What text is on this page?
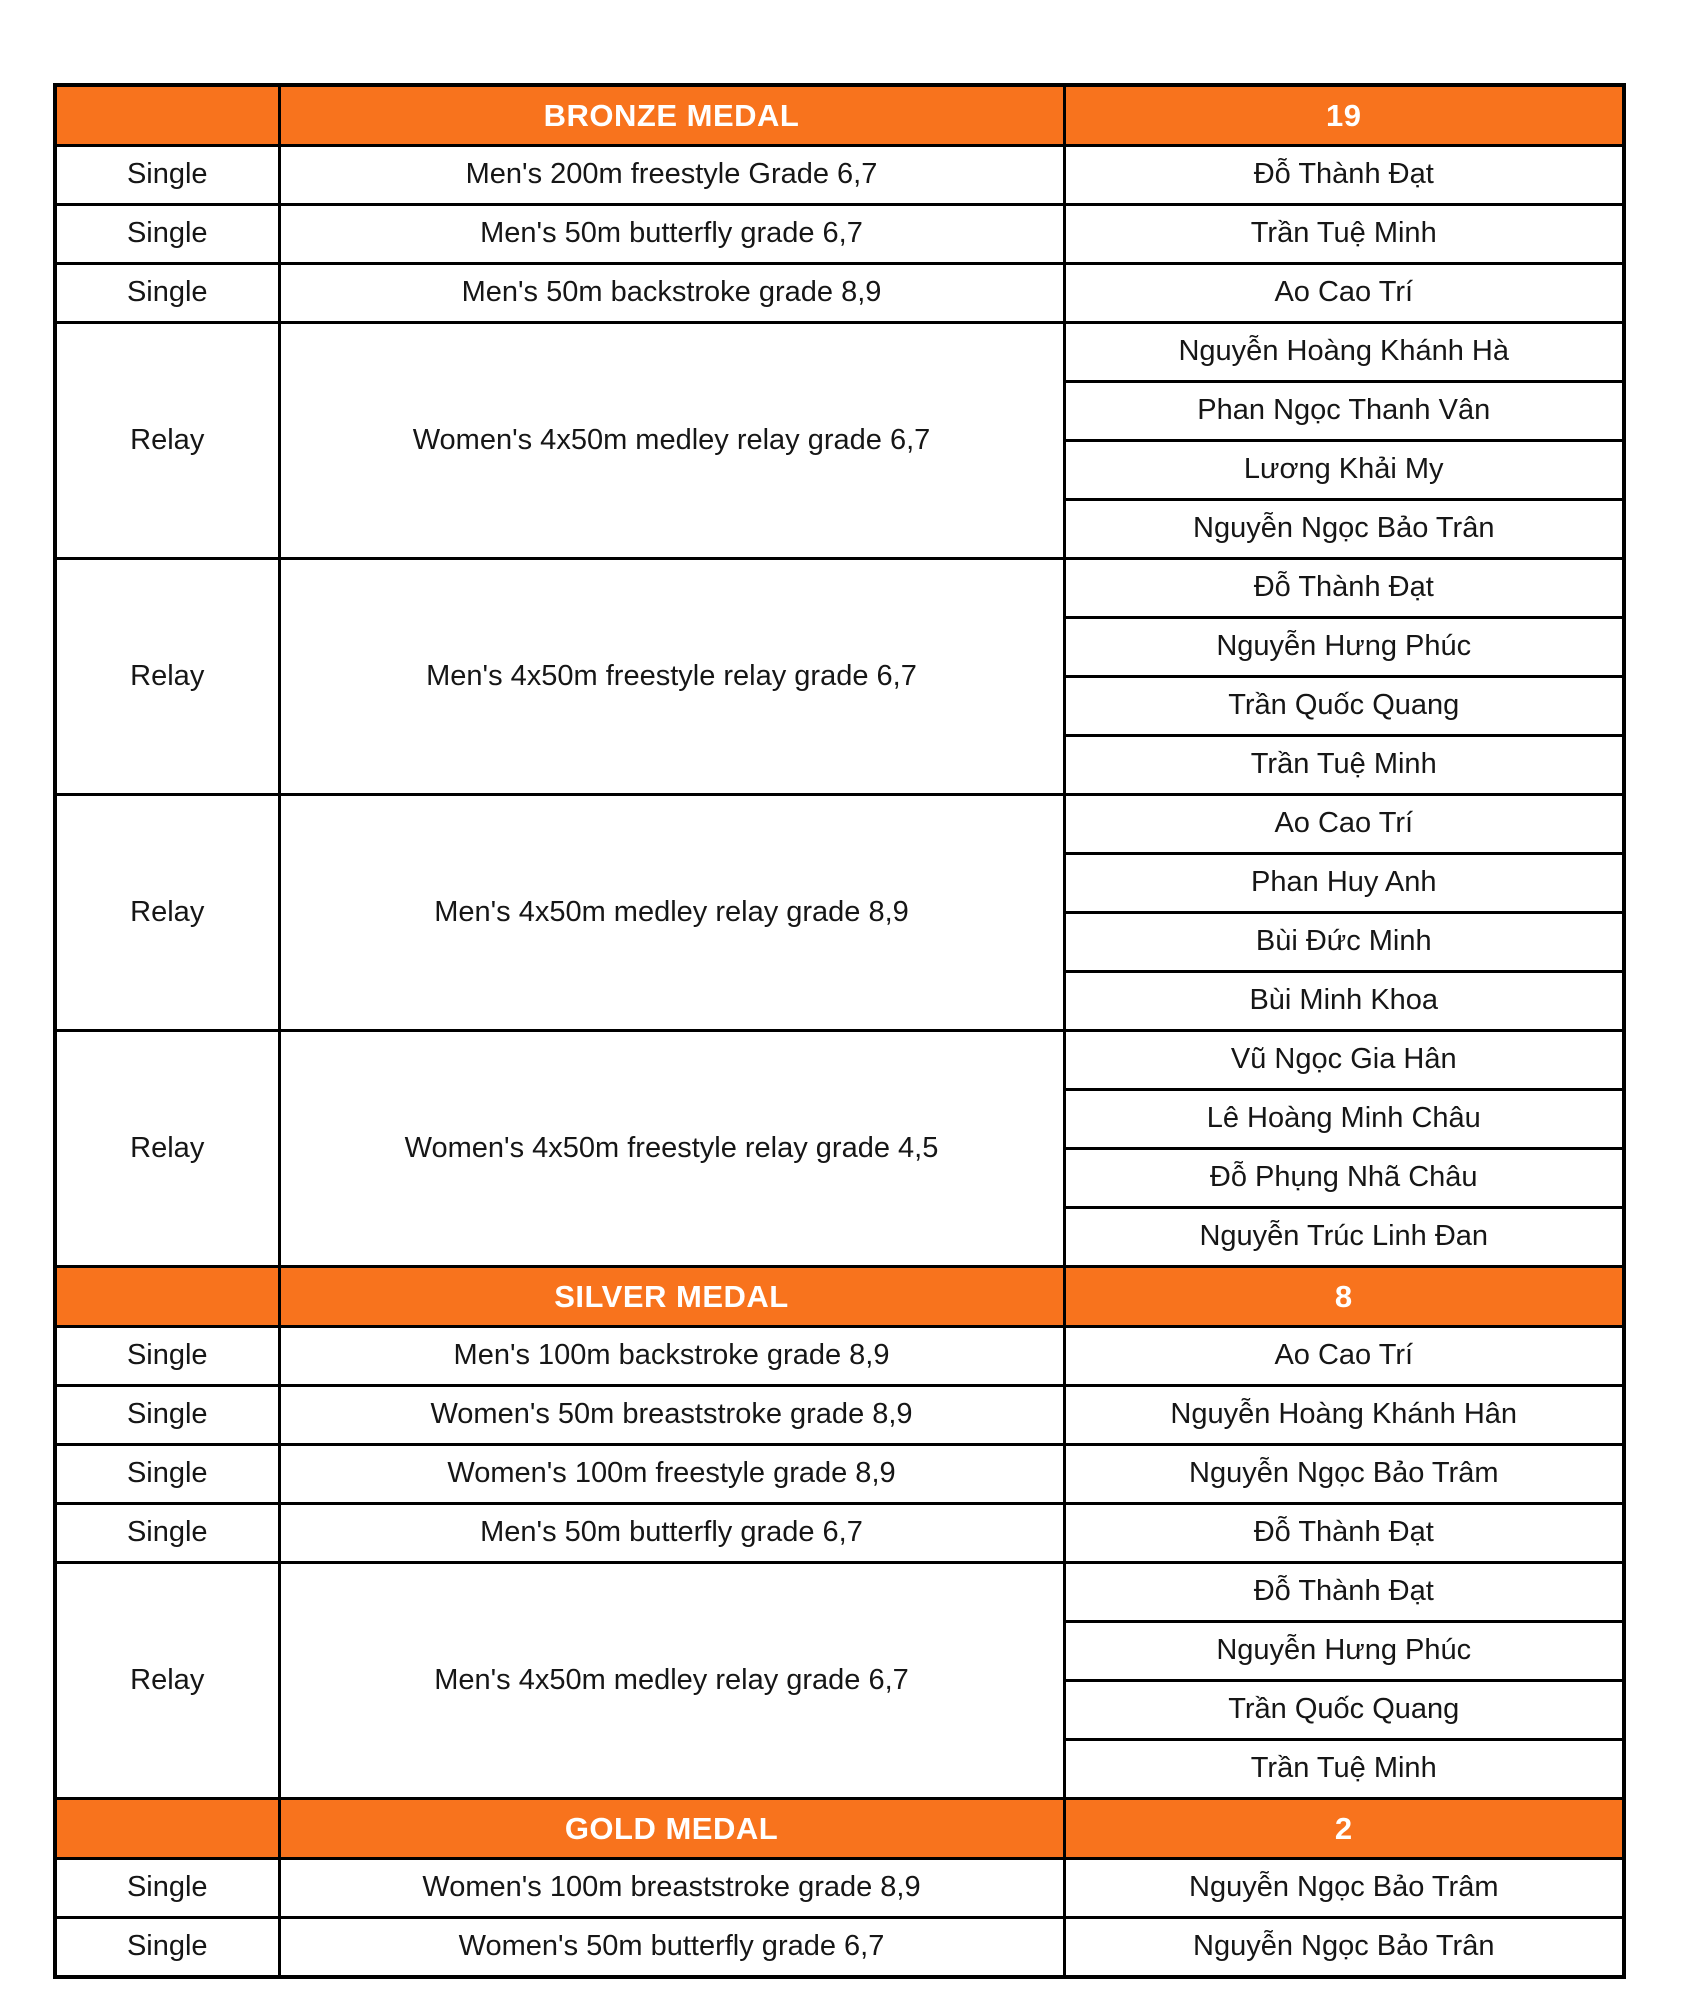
	BRONZE MEDAL	19
Single	Men's 200m freestyle Grade 6,7	Đỗ Thành Đạt
Single	Men's 50m butterfly grade 6,7	Trần Tuệ Minh
Single	Men's 50m backstroke grade 8,9	Ao Cao Trí
Relay	Women's 4x50m medley relay grade 6,7	Nguyễn Hoàng Khánh Hà
		Phan Ngọc Thanh Vân
		Lương Khải My
		Nguyễn Ngọc Bảo Trân
Relay	Men's 4x50m freestyle relay grade 6,7	Đỗ Thành Đạt
		Nguyễn Hưng Phúc
		Trần Quốc Quang
		Trần Tuệ Minh
Relay	Men's 4x50m medley relay grade 8,9	Ao Cao Trí
		Phan Huy Anh
		Bùi Đức Minh
		Bùi Minh Khoa
Relay	Women's 4x50m freestyle relay grade 4,5	Vũ Ngọc Gia Hân
		Lê Hoàng Minh Châu
		Đỗ Phụng Nhã Châu
		Nguyễn Trúc Linh Đan
	SILVER MEDAL	8
Single	Men's 100m backstroke grade 8,9	Ao Cao Trí
Single	Women's 50m breaststroke grade 8,9	Nguyễn Hoàng Khánh Hân
Single	Women's 100m freestyle grade 8,9	Nguyễn Ngọc Bảo Trâm
Single	Men's 50m butterfly grade 6,7	Đỗ Thành Đạt
Relay	Men's 4x50m medley relay grade 6,7	Đỗ Thành Đạt
		Nguyễn Hưng Phúc
		Trần Quốc Quang
		Trần Tuệ Minh
	GOLD MEDAL	2
Single	Women's 100m breaststroke grade 8,9	Nguyễn Ngọc Bảo Trâm
Single	Women's 50m butterfly grade 6,7	Nguyễn Ngọc Bảo Trân
